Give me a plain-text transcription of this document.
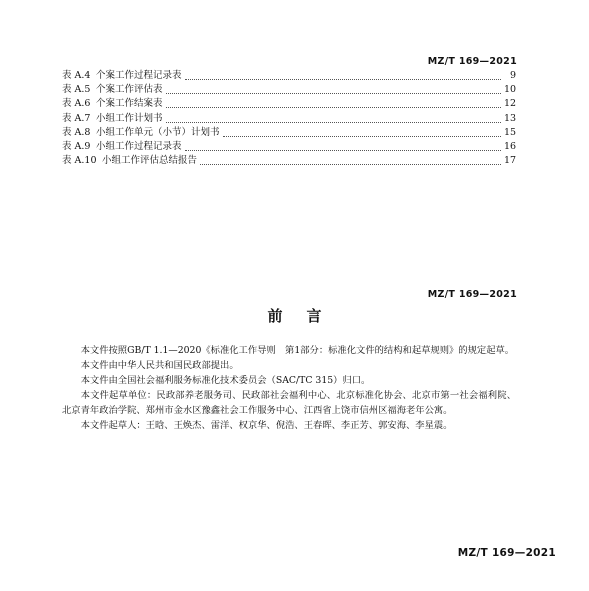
MZ/T 169—2021
表 A.4 个案工作过程记录表	9
表 A.5 个案工作评估表	10
表 A.6 个案工作结案表	12
表 A.7 小组工作计划书	13
表 A.8 小组工作单元（小节）计划书	15
表 A.9 小组工作过程记录表	16
表 A.10 小组工作评估总结报告	17
MZ/T 169—2021
前言
本文件按照GB/T 1.1—2020《标准化工作导则　第1部分：标准化文件的结构和起草规则》的规定起草。
本文件由中华人民共和国民政部提出。
本文件由全国社会福利服务标准化技术委员会（SAC/TC 315）归口。
本文件起草单位：民政部养老服务司、民政部社会福利中心、北京标准化协会、北京市第一社会福利院、北京青年政治学院、郑州市金水区豫鑫社会工作服务中心、江西省上饶市信州区福海老年公寓。
本文件起草人：王晗、王焕杰、雷洋、权京华、倪浩、王春晖、李正芳、郭安海、李星震。
MZ/T 169—2021
